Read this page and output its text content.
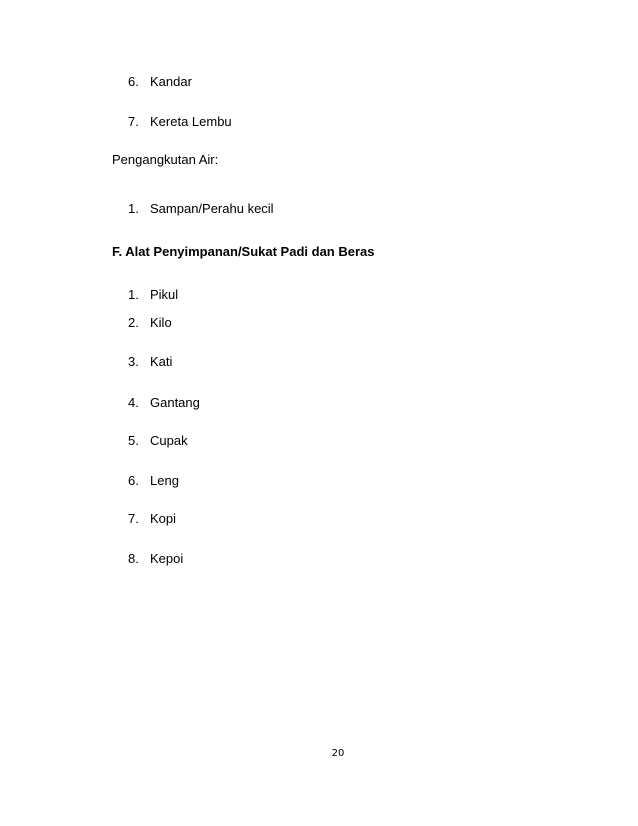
6. Kandar
7. Kereta Lembu
Pengangkutan Air:
1. Sampan/Perahu kecil
F. Alat Penyimpanan/Sukat Padi dan Beras
1. Pikul
2. Kilo
3. Kati
4. Gantang
5. Cupak
6. Leng
7. Kopi
8. Kepoi
20
